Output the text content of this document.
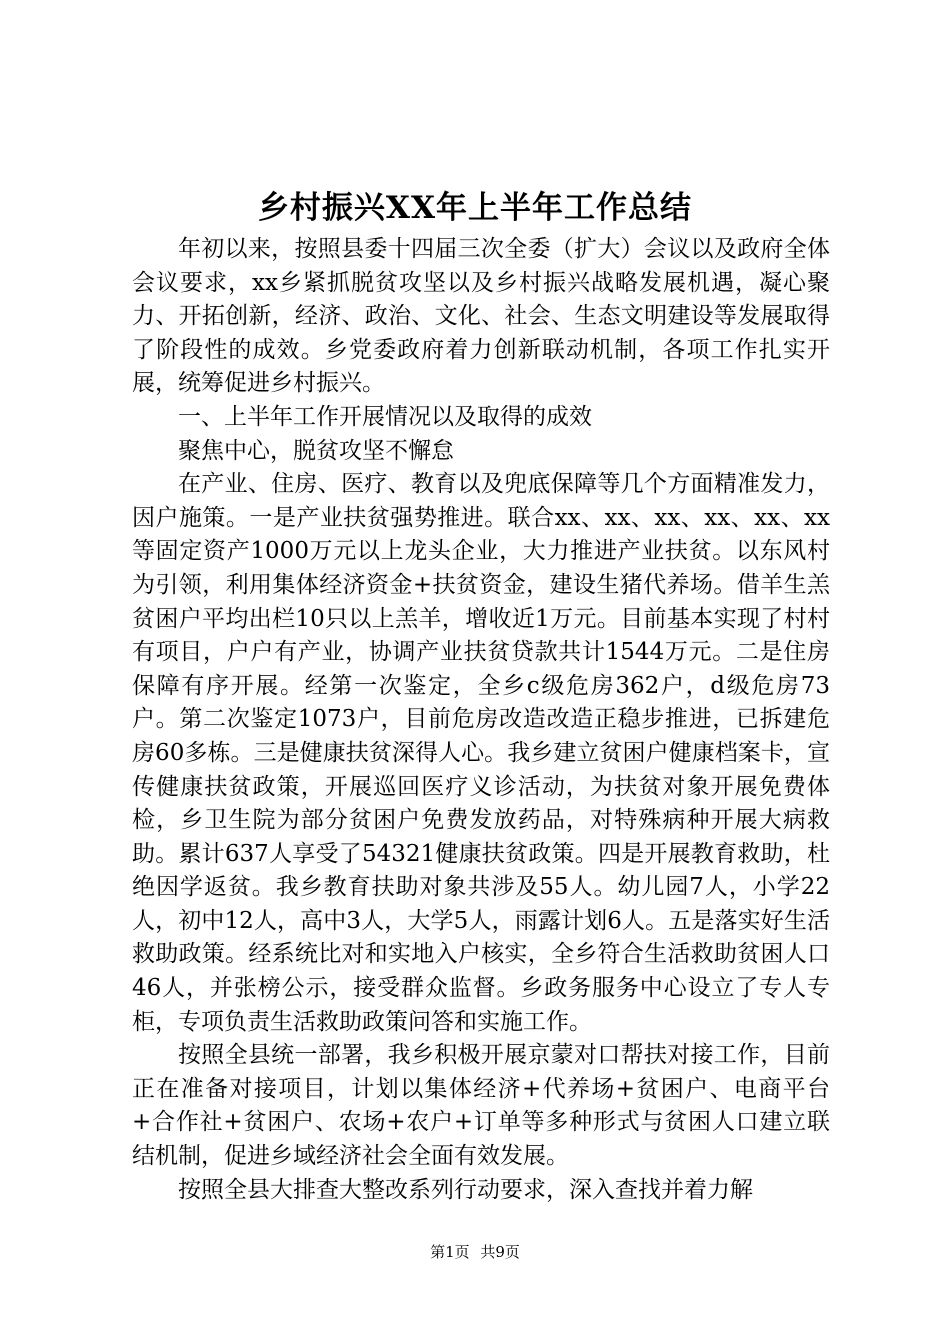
乡村振兴XX年上半年工作总结

年初以来，按照县委十四届三次全委（扩大）会议以及政府全体会议要求，xx乡紧抓脱贫攻坚以及乡村振兴战略发展机遇，凝心聚力、开拓创新，经济、政治、文化、社会、生态文明建设等发展取得了阶段性的成效。乡党委政府着力创新联动机制，各项工作扎实开展，统筹促进乡村振兴。

一、上半年工作开展情况以及取得的成效

聚焦中心，脱贫攻坚不懈怠

在产业、住房、医疗、教育以及兜底保障等几个方面精准发力，因户施策。一是产业扶贫强势推进。联合xx、xx、xx、xx、xx、xx等固定资产1000万元以上龙头企业，大力推进产业扶贫。以东风村为引领，利用集体经济资金+扶贫资金，建设生猪代养场。借羊生羔贫困户平均出栏10只以上羔羊，增收近1万元。目前基本实现了村村有项目，户户有产业，协调产业扶贫贷款共计1544万元。二是住房保障有序开展。经第一次鉴定，全乡c级危房362户，d级危房73户。第二次鉴定1073户，目前危房改造改造正稳步推进，已拆建危房60多栋。三是健康扶贫深得人心。我乡建立贫困户健康档案卡，宣传健康扶贫政策，开展巡回医疗义诊活动，为扶贫对象开展免费体检，乡卫生院为部分贫困户免费发放药品，对特殊病种开展大病救助。累计637人享受了54321健康扶贫政策。四是开展教育救助，杜绝因学返贫。我乡教育扶助对象共涉及55人。幼儿园7人，小学22人，初中12人，高中3人，大学5人，雨露计划6人。五是落实好生活救助政策。经系统比对和实地入户核实，全乡符合生活救助贫困人口46人，并张榜公示，接受群众监督。乡政务服务中心设立了专人专柜，专项负责生活救助政策问答和实施工作。

按照全县统一部署，我乡积极开展京蒙对口帮扶对接工作，目前正在准备对接项目，计划以集体经济+代养场+贫困户、电商平台+合作社+贫困户、农场+农户+订单等多种形式与贫困人口建立联结机制，促进乡域经济社会全面有效发展。

按照全县大排查大整改系列行动要求，深入查找并着力解

第1页 共9页
